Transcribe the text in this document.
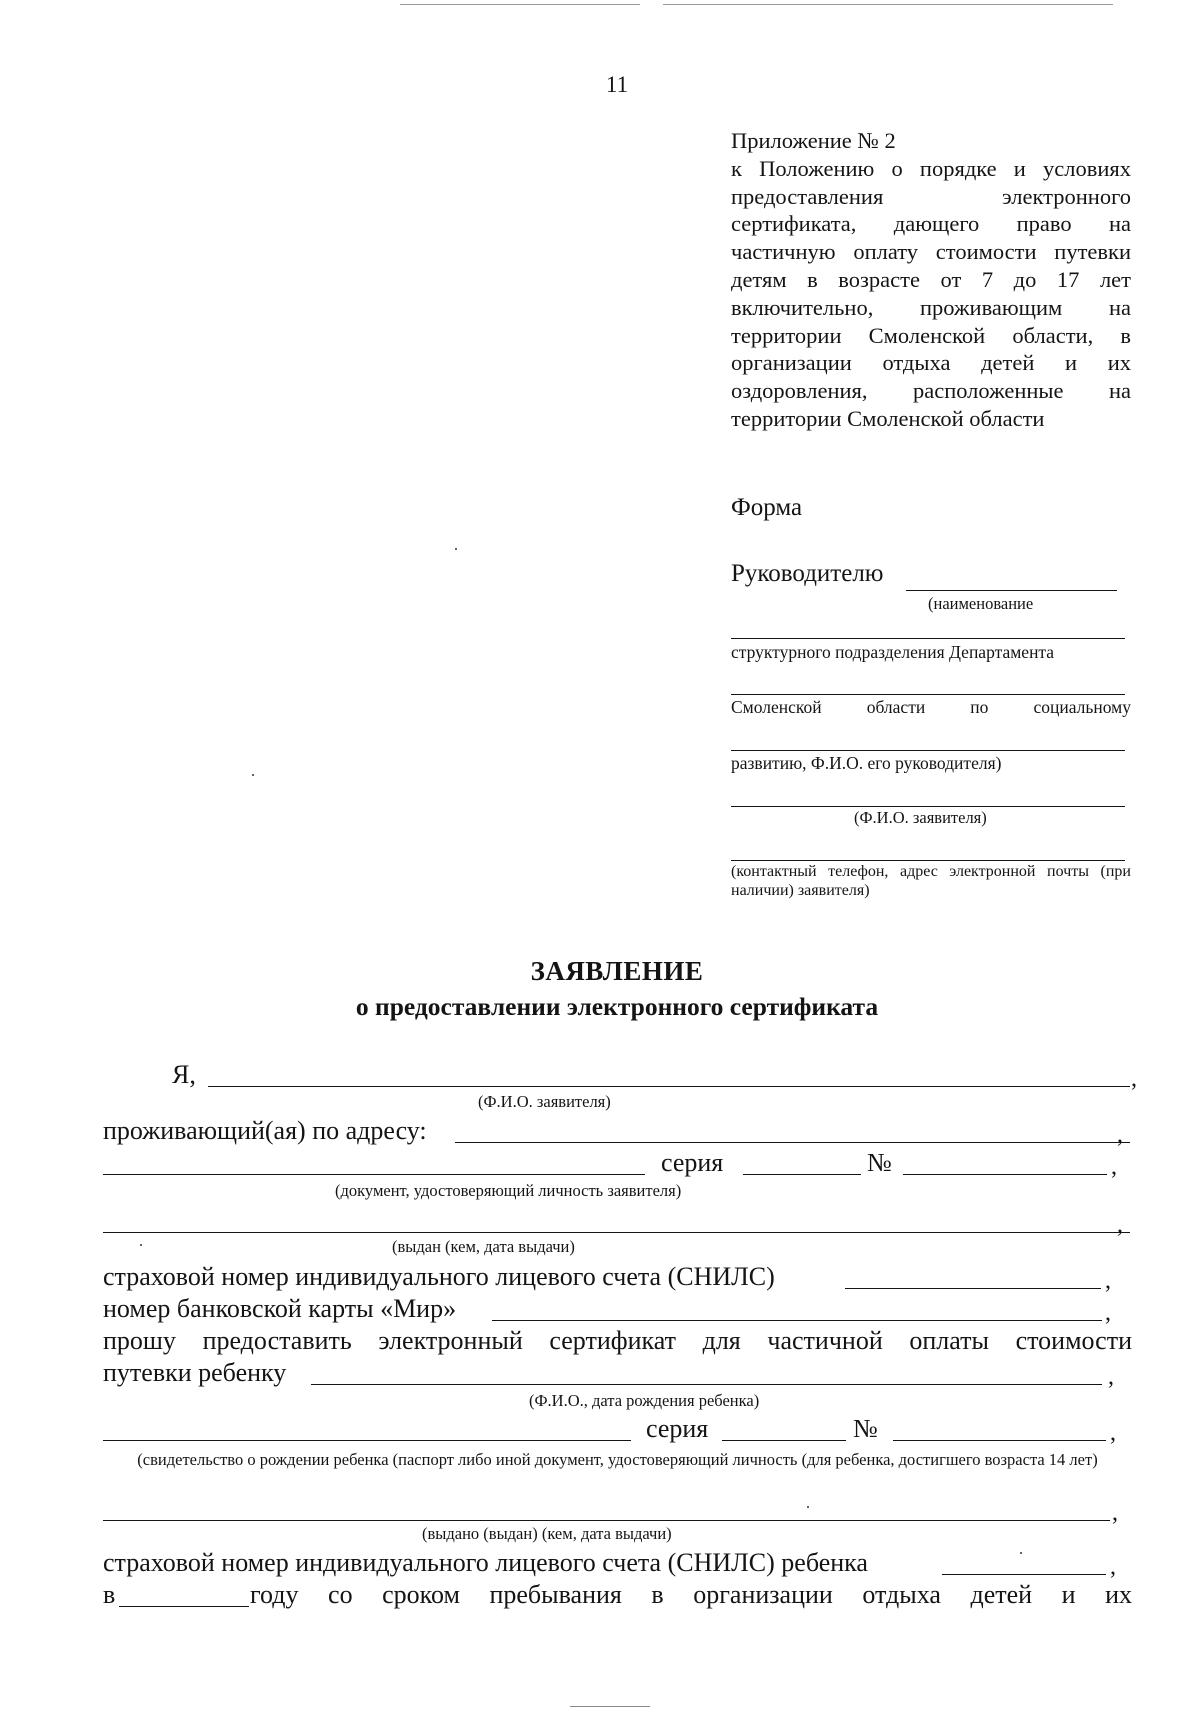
11
Приложение № 2
к Положению о порядке и условиях предоставления электронного сертификата, дающего право на частичную оплату стоимости путевки детям в возрасте от 7 до 17 лет включительно, проживающим на территории Смоленской области, в организации отдыха детей и их оздоровления, расположенные на территории Смоленской области
Форма
Руководителю
(наименование
структурного подразделения Департамента
Смоленской области по социальному
развитию, Ф.И.О. его руководителя)
(Ф.И.О. заявителя)
(контактный телефон, адрес электронной почты (при наличии) заявителя)
ЗАЯВЛЕНИЕ
о предоставлении электронного сертификата
Я,	,
(Ф.И.О. заявителя)
проживающий(ая) по адресу:	,
серия	№	,
(документ, удостоверяющий личность заявителя)
,
(выдан (кем, дата выдачи)
страховой номер индивидуального лицевого счета (СНИЛС)	,
номер банковской карты «Мир»	,
прошу предоставить электронный сертификат для частичной оплаты стоимости
путевки ребенку	,
(Ф.И.О., дата рождения ребенка)
серия	№	,
(свидетельство о рождении ребенка (паспорт либо иной документ, удостоверяющий личность (для ребенка, достигшего возраста 14 лет)
,
(выдано (выдан) (кем, дата выдачи)
страховой номер индивидуального лицевого счета (СНИЛС) ребенка	,
в	году со сроком пребывания в организации отдыха детей и их
